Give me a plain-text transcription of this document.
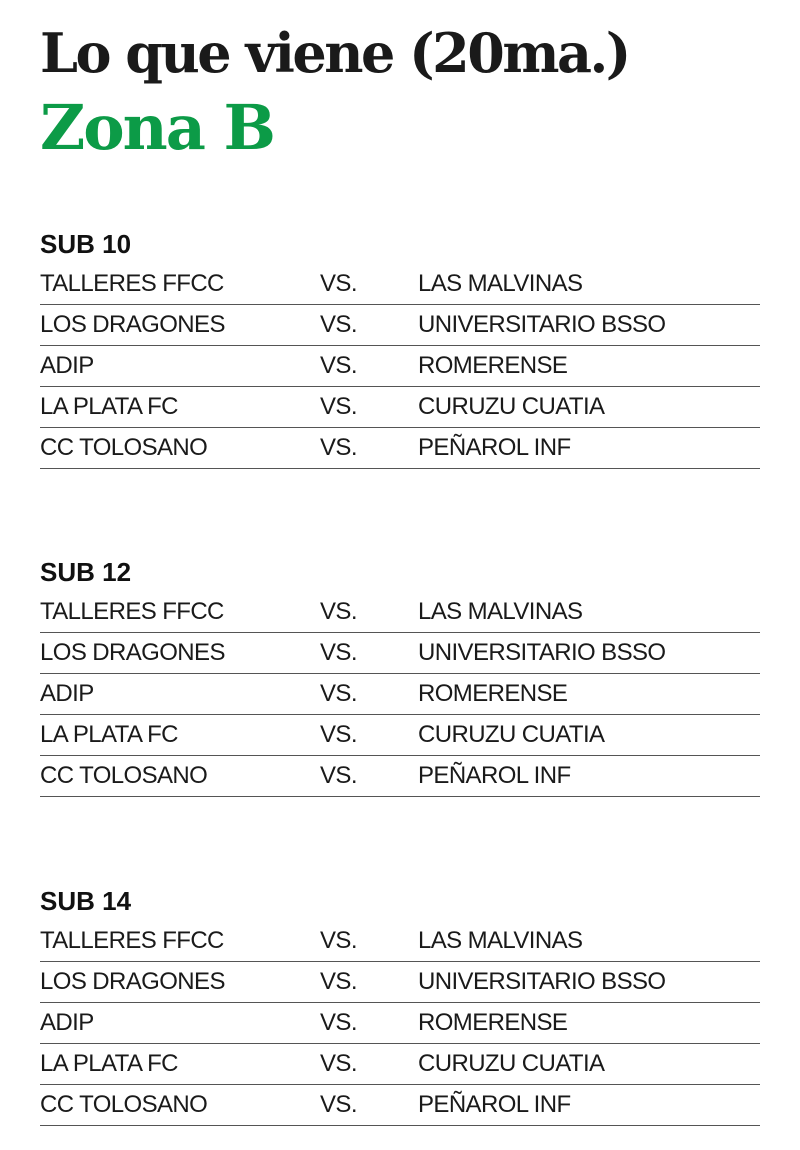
Lo que viene (20ma.)
Zona B
SUB 10
TALLERES FFCC	VS.	LAS MALVINAS
LOS DRAGONES	VS.	UNIVERSITARIO BSSO
ADIP	VS.	ROMERENSE
LA PLATA FC	VS.	CURUZU CUATIA
CC TOLOSANO	VS.	PEÑAROL INF
SUB 12
TALLERES FFCC	VS.	LAS MALVINAS
LOS DRAGONES	VS.	UNIVERSITARIO BSSO
ADIP	VS.	ROMERENSE
LA PLATA FC	VS.	CURUZU CUATIA
CC TOLOSANO	VS.	PEÑAROL INF
SUB 14
TALLERES FFCC	VS.	LAS MALVINAS
LOS DRAGONES	VS.	UNIVERSITARIO BSSO
ADIP	VS.	ROMERENSE
LA PLATA FC	VS.	CURUZU CUATIA
CC TOLOSANO	VS.	PEÑAROL INF
